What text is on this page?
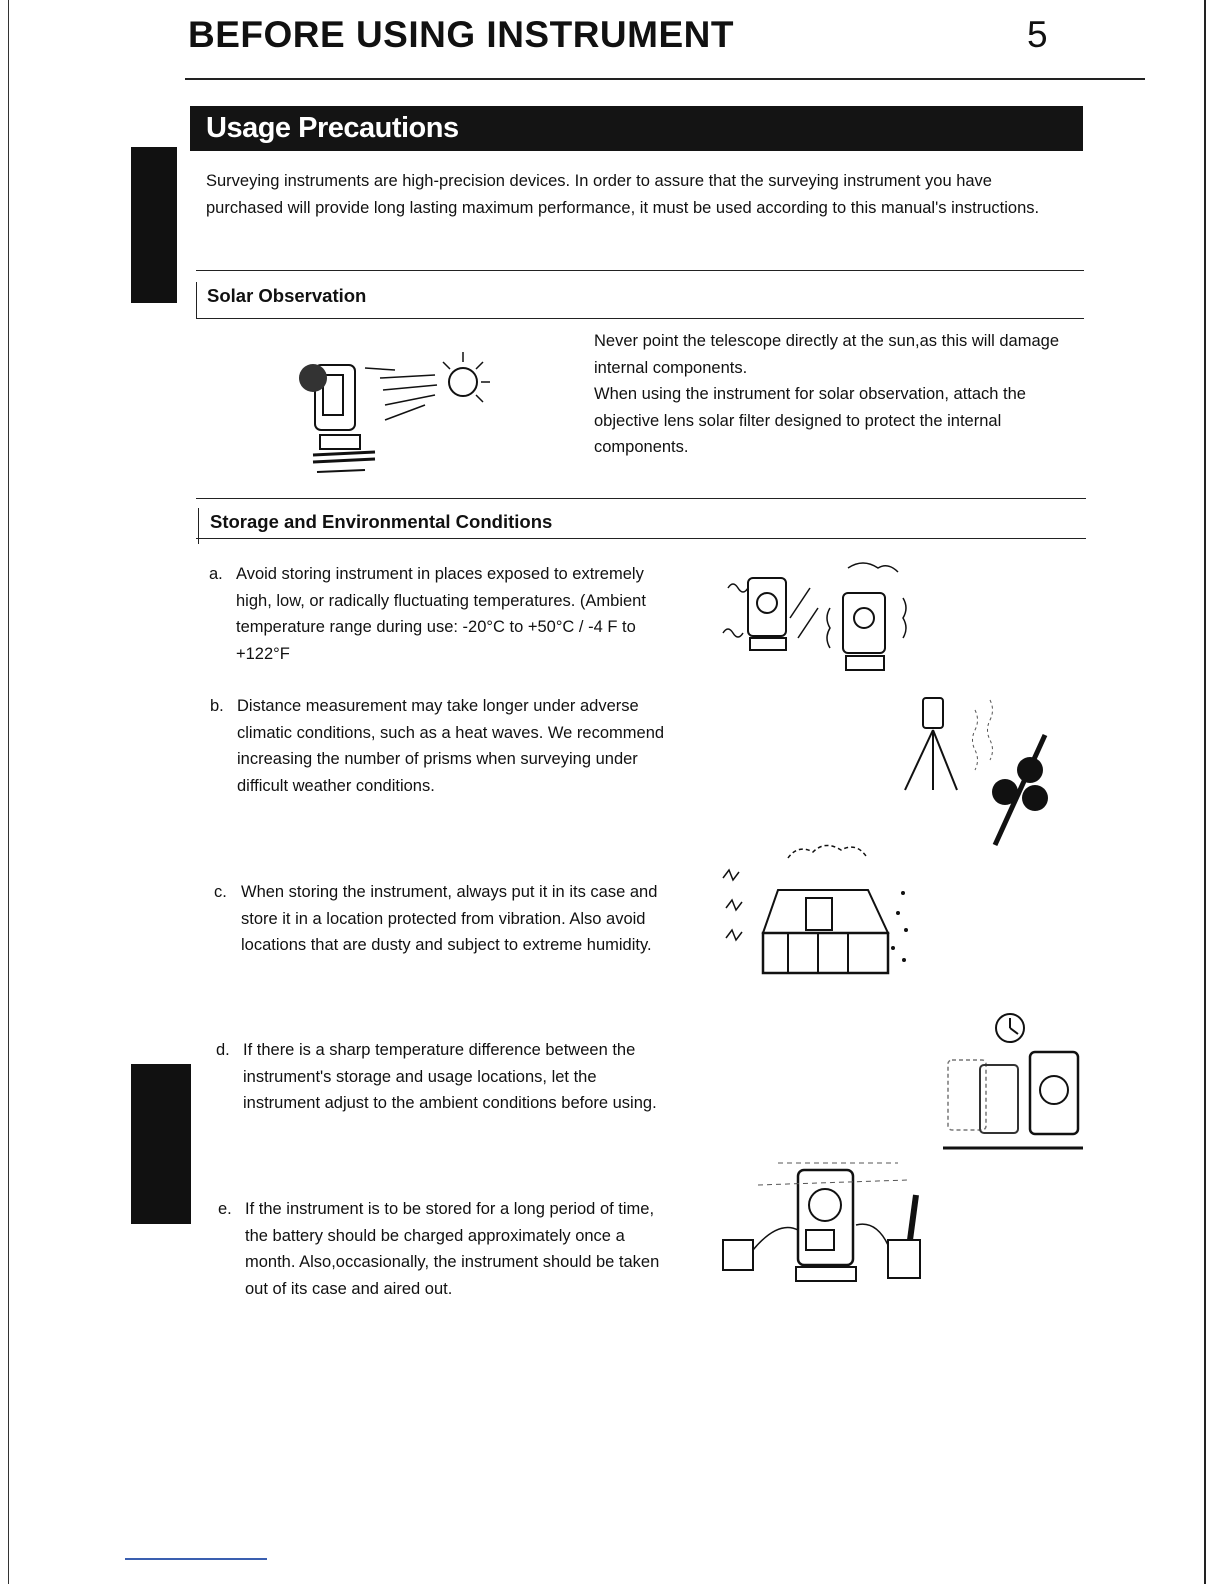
BEFORE USING INSTRUMENT	5
Usage Precautions
Surveying instruments are high-precision devices. In order to assure that the surveying instrument you have purchased will provide long lasting maximum performance, it must be used according to this manual's instructions.
Solar Observation
Never point the telescope directly at the sun,as this will damage internal components.
When using the instrument for solar observation, attach the objective lens solar filter designed to protect the internal components.
Storage and Environmental Conditions
a. Avoid storing instrument in places exposed to extremely high, low, or radically fluctuating temperatures. (Ambient temperature range during use: -20°C to +50°C / -4 F to +122°F
b. Distance measurement may take longer under adverse climatic conditions, such as a heat waves. We recommend increasing the number of prisms when surveying under difficult weather conditions.
c. When storing the instrument, always put it in its case and store it in a location protected from vibration. Also avoid locations that are dusty and subject to extreme humidity.
d. If there is a sharp temperature difference between the instrument's storage and usage locations, let the instrument adjust to the ambient conditions before using.
e. If the instrument is to be stored for a long period of time, the battery should be charged approximately once a month. Also,occasionally, the instrument should be taken out of its case and aired out.
